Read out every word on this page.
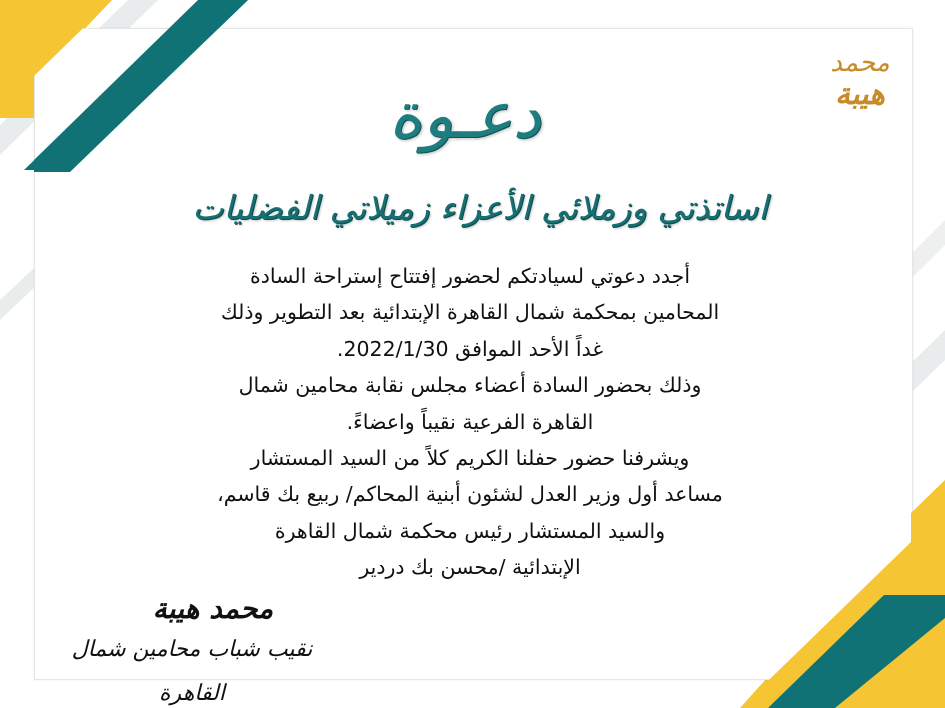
محمد
هيبة
دعـوة
اساتذتي وزملائي الأعزاء زميلاتي الفضليات
أجدد دعوتي لسيادتكم لحضور إفتتاح إستراحة السادة
المحامين بمحكمة شمال القاهرة الإبتدائية بعد التطوير وذلك
غداً الأحد الموافق 2022/1/30.
وذلك بحضور السادة أعضاء مجلس نقابة محامين شمال
القاهرة الفرعية نقيباً واعضاءً.
ويشرفنا حضور حفلنا الكريم كلاً من السيد المستشار
مساعد أول وزير العدل لشئون أبنية المحاكم/ ربيع بك قاسم،
والسيد المستشار رئيس محكمة شمال القاهرة
الإبتدائية /محسن بك دردير
محمد هيبة
نقيب شباب محامين شمال القاهرة
